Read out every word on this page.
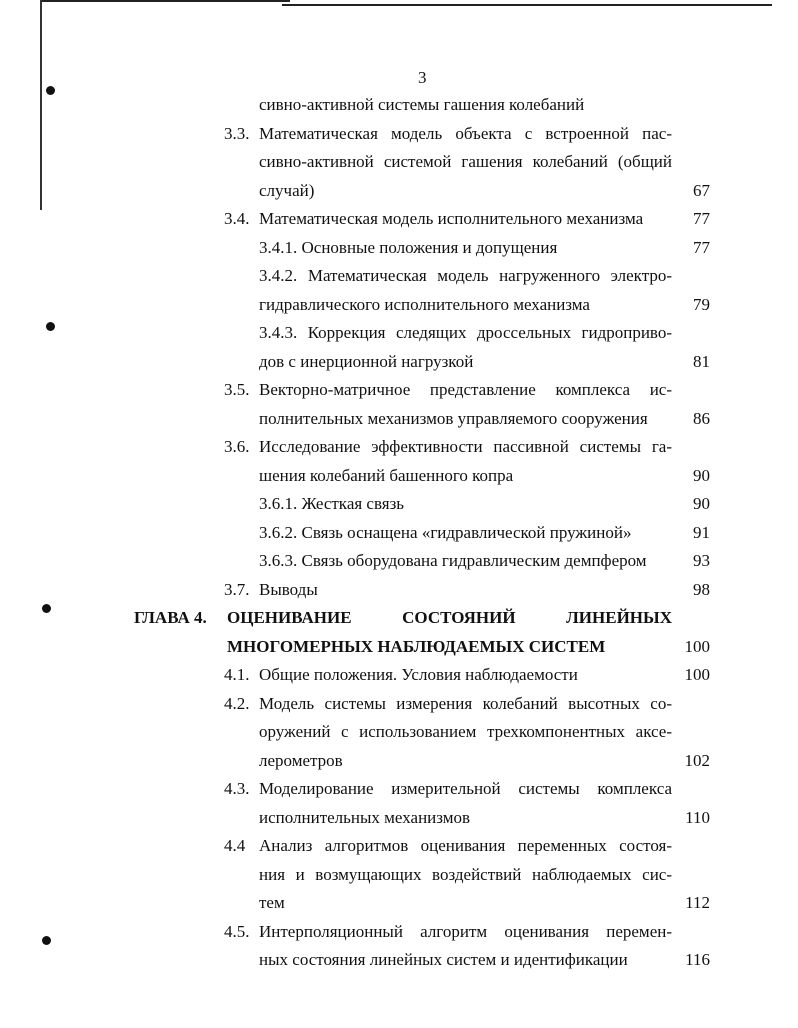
3
сивно-активной системы гашения колебаний
3.3. Математическая модель объекта с встроенной пас-
сивно-активной системой гашения колебаний (общий
случай)	67
3.4. Математическая модель исполнительного механизма	77
3.4.1. Основные положения и допущения	77
3.4.2. Математическая модель нагруженного электро-
гидравлического исполнительного механизма	79
3.4.3. Коррекция следящих дроссельных гидроприво-
дов с инерционной нагрузкой	81
3.5. Векторно-матричное представление комплекса ис-
полнительных механизмов управляемого сооружения	86
3.6. Исследование эффективности пассивной системы га-
шения колебаний башенного копра	90
3.6.1. Жесткая связь	90
3.6.2. Связь оснащена «гидравлической пружиной»	91
3.6.3. Связь оборудована гидравлическим демпфером	93
3.7. Выводы	98
ГЛАВА 4. ОЦЕНИВАНИЕ СОСТОЯНИЙ ЛИНЕЙНЫХ
МНОГОМЕРНЫХ НАБЛЮДАЕМЫХ СИСТЕМ	100
4.1. Общие положения. Условия наблюдаемости	100
4.2. Модель системы измерения колебаний высотных со-
оружений с использованием трехкомпонентных аксе-
лерометров	102
4.3. Моделирование измерительной системы комплекса
исполнительных механизмов	110
4.4 Анализ алгоритмов оценивания переменных состоя-
ния и возмущающих воздействий наблюдаемых сис-
тем	112
4.5. Интерполяционный алгоритм оценивания перемен-
ных состояния линейных систем и идентификации	116
